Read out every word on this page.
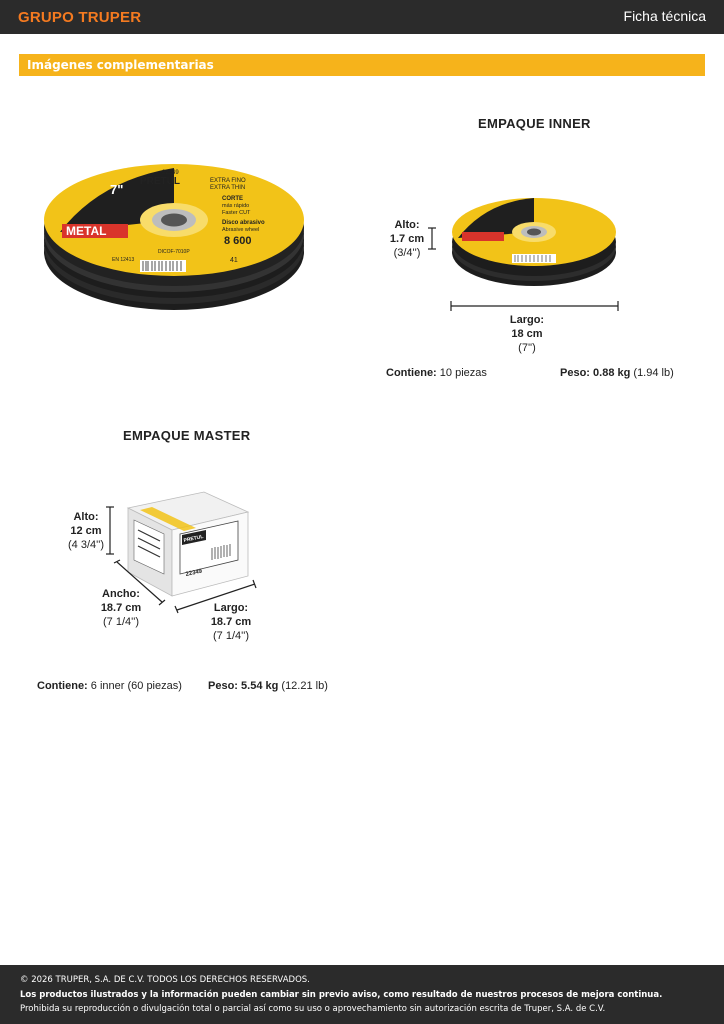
GRUPO TRUPER	Ficha técnica
Imágenes complementarias
METAL
22349
PRETUL
7"
EXTRA FINO
EXTRA THIN
CORTE
más rápido
Faster CUT
Disco abrasivo
Abrasive wheel
8 600
DICOF-7010P
EN 12413	41
EMPAQUE INNER
Alto:
1.7 cm
(3/4'')
Largo:
18 cm
(7'')
Contiene: 10 piezas	Peso: 0.88 kg (1.94 lb)
EMPAQUE MASTER
PRETUL
22349
Alto:
12 cm
(4 3/4'')
Ancho:
18.7 cm
(7 1/4'')
Largo:
18.7 cm
(7 1/4'')
Contiene: 6 inner (60 piezas) Peso: 5.54 kg (12.21 lb)

© 2026 TRUPER, S.A. DE C.V. TODOS LOS DERECHOS RESERVADOS.

Los productos ilustrados y la información pueden cambiar sin previo aviso, como resultado de nuestros procesos de mejora continua.

Prohibida su reproducción o divulgación total o parcial así como su uso o aprovechamiento sin autorización escrita de Truper, S.A. de C.V.
